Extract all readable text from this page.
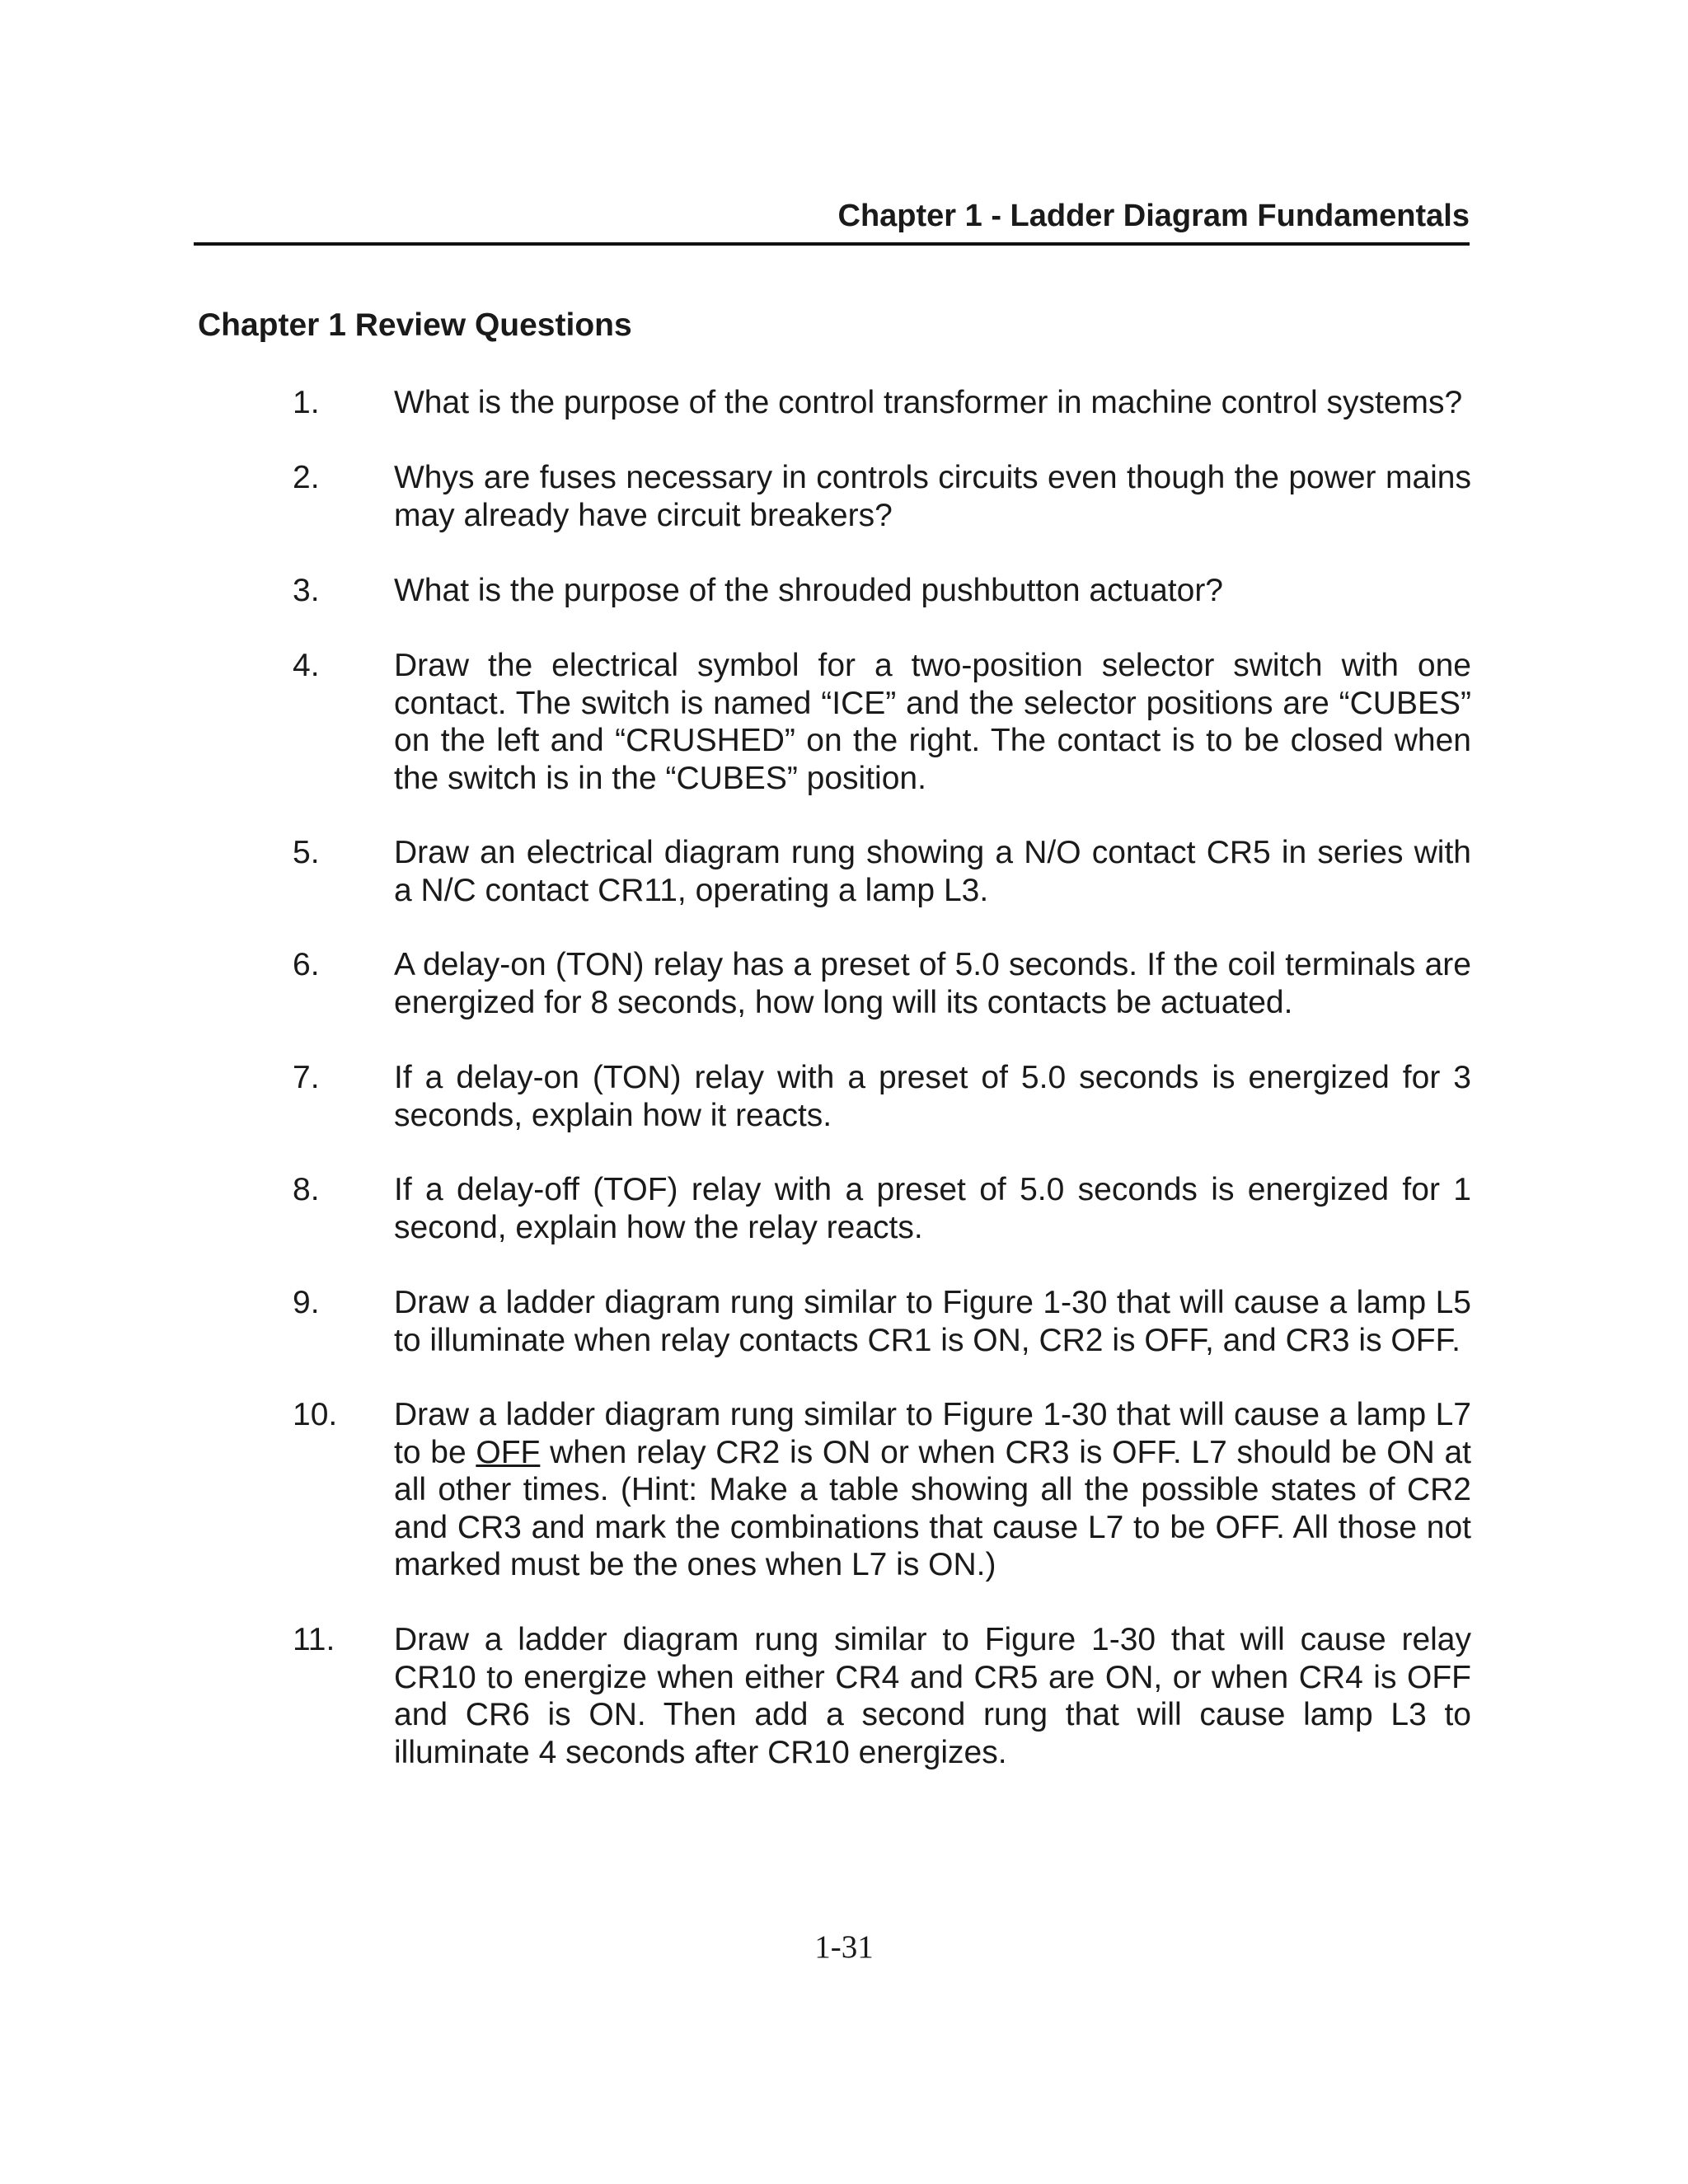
Chapter 1 - Ladder Diagram Fundamentals
Chapter 1 Review Questions
1. What is the purpose of the control transformer in machine control systems?
2. Whys are fuses necessary in controls circuits even though the power mains may already have circuit breakers?
3. What is the purpose of the shrouded pushbutton actuator?
4. Draw the electrical symbol for a two-position selector switch with one contact. The switch is named “ICE” and the selector positions are “CUBES” on the left and “CRUSHED” on the right. The contact is to be closed when the switch is in the “CUBES” position.
5. Draw an electrical diagram rung showing a N/O contact CR5 in series with a N/C contact CR11, operating a lamp L3.
6. A delay-on (TON) relay has a preset of 5.0 seconds. If the coil terminals are energized for 8 seconds, how long will its contacts be actuated.
7. If a delay-on (TON) relay with a preset of 5.0 seconds is energized for 3 seconds, explain how it reacts.
8. If a delay-off (TOF) relay with a preset of 5.0 seconds is energized for 1 second, explain how the relay reacts.
9. Draw a ladder diagram rung similar to Figure 1-30 that will cause a lamp L5 to illuminate when relay contacts CR1 is ON, CR2 is OFF, and CR3 is OFF.
10. Draw a ladder diagram rung similar to Figure 1-30 that will cause a lamp L7 to be OFF when relay CR2 is ON or when CR3 is OFF. L7 should be ON at all other times. (Hint: Make a table showing all the possible states of CR2 and CR3 and mark the combinations that cause L7 to be OFF. All those not marked must be the ones when L7 is ON.)
11. Draw a ladder diagram rung similar to Figure 1-30 that will cause relay CR10 to energize when either CR4 and CR5 are ON, or when CR4 is OFF and CR6 is ON. Then add a second rung that will cause lamp L3 to illuminate 4 seconds after CR10 energizes.
1-31
